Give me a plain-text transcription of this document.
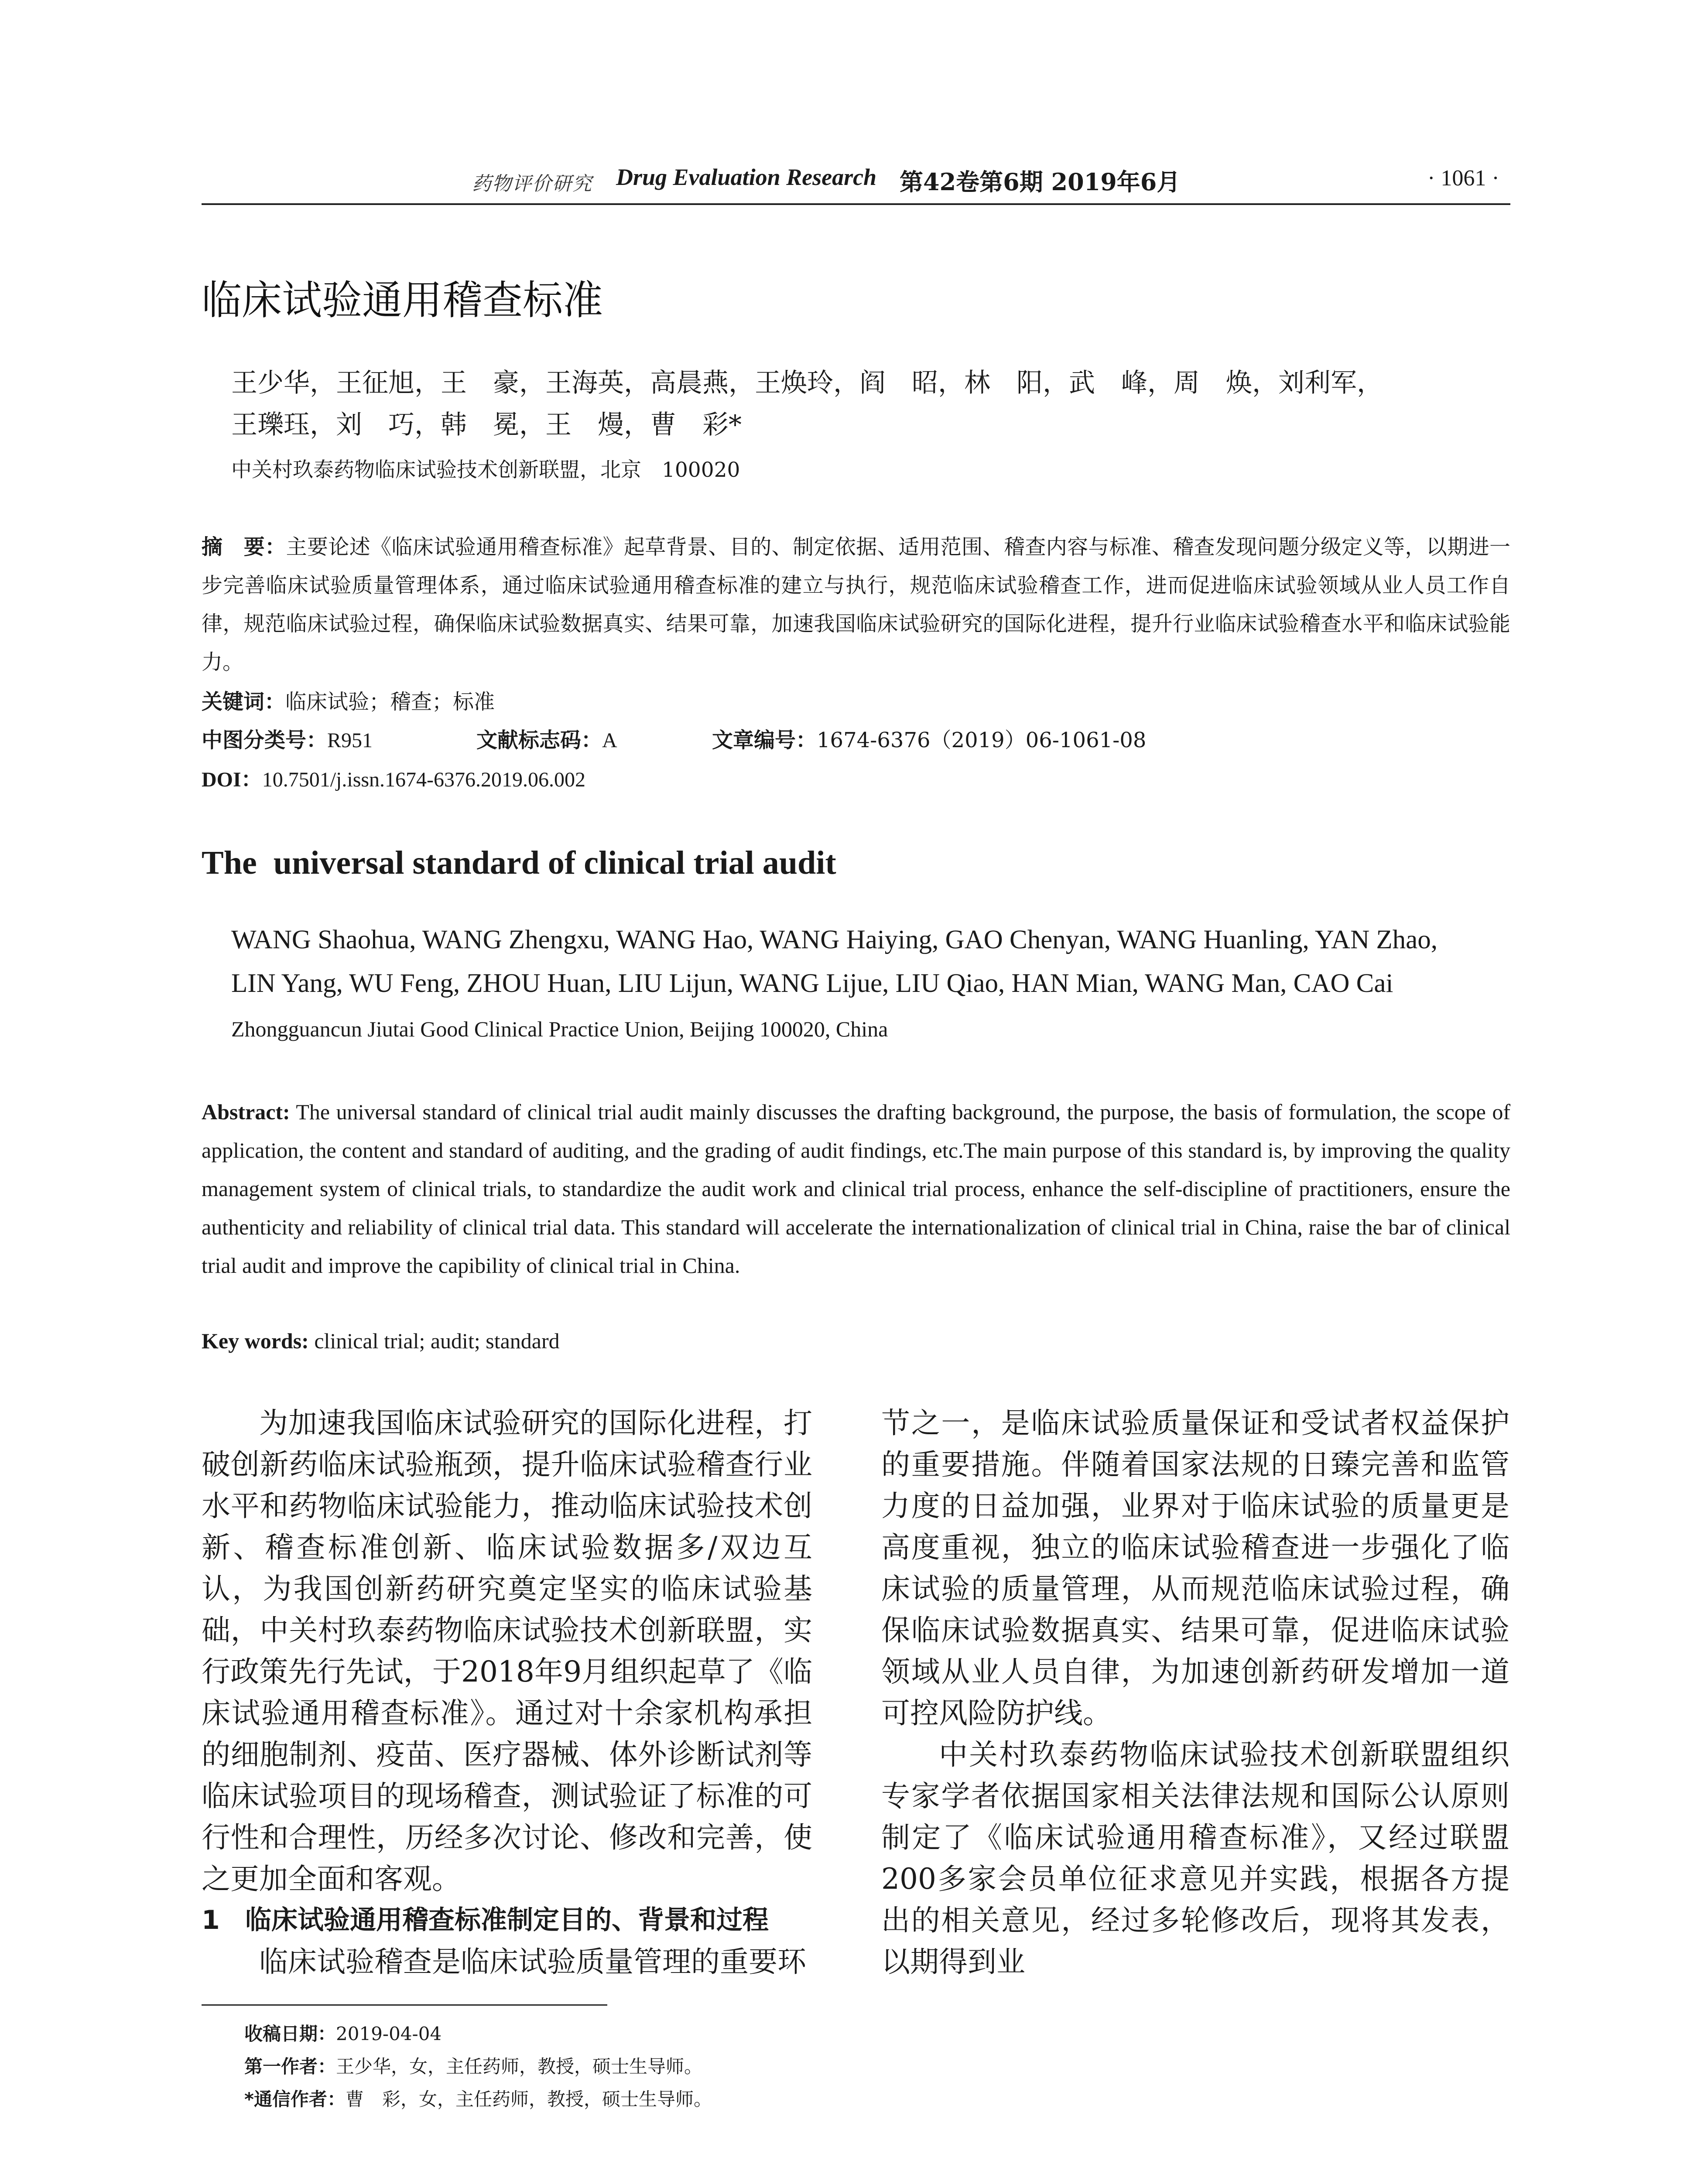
药物评价研究 Drug Evaluation Research 第42卷第6期 2019年6月	· 1061 ·
临床试验通用稽查标准
王少华，王征旭，王　豪，王海英，高晨燕，王焕玲，阎　昭，林　阳，武　峰，周　焕，刘利军，
王瓅珏，刘　巧，韩　冕，王　熳，曹　彩*
中关村玖泰药物临床试验技术创新联盟，北京　100020
摘　要：主要论述《临床试验通用稽查标准》起草背景、目的、制定依据、适用范围、稽查内容与标准、稽查发现问题分级定义等，以期进一步完善临床试验质量管理体系，通过临床试验通用稽查标准的建立与执行，规范临床试验稽查工作，进而促进临床试验领域从业人员工作自律，规范临床试验过程，确保临床试验数据真实、结果可靠，加速我国临床试验研究的国际化进程，提升行业临床试验稽查水平和临床试验能力。
关键词：临床试验；稽查；标准
中图分类号：R951	文献标志码：A	文章编号：1674-6376（2019）06-1061-08
DOI：10.7501/j.issn.1674-6376.2019.06.002
The  universal standard of clinical trial audit
WANG Shaohua, WANG Zhengxu, WANG Hao, WANG Haiying, GAO Chenyan, WANG Huanling, YAN Zhao,
LIN Yang, WU Feng, ZHOU Huan, LIU Lijun, WANG Lijue, LIU Qiao, HAN Mian, WANG Man, CAO Cai
Zhongguancun Jiutai Good Clinical Practice Union, Beijing 100020, China
Abstract: The universal standard of clinical trial audit mainly discusses the drafting background, the purpose, the basis of formulation, the scope of application, the content and standard of auditing, and the grading of audit findings, etc.The main purpose of this standard is, by improving the quality management system of clinical trials, to standardize the audit work and clinical trial process, enhance the self-discipline of practitioners, ensure the authenticity and reliability of clinical trial data. This standard will accelerate the internationalization of clinical trial in China, raise the bar of clinical trial audit and improve the capibility of clinical trial in China.
Key words: clinical trial; audit; standard

为加速我国临床试验研究的国际化进程，打破创新药临床试验瓶颈，提升临床试验稽查行业水平和药物临床试验能力，推动临床试验技术创新、稽查标准创新、临床试验数据多/双边互认，为我国创新药研究奠定坚实的临床试验基础，中关村玖泰药物临床试验技术创新联盟，实行政策先行先试，于2018年9月组织起草了《临床试验通用稽查标准》。通过对十余家机构承担的细胞制剂、疫苗、医疗器械、体外诊断试剂等临床试验项目的现场稽查，测试验证了标准的可行性和合理性，历经多次讨论、修改和完善，使之更加全面和客观。

1 临床试验通用稽查标准制定目的、背景和过程

临床试验稽查是临床试验质量管理的重要环

节之一，是临床试验质量保证和受试者权益保护的重要措施。伴随着国家法规的日臻完善和监管力度的日益加强，业界对于临床试验的质量更是高度重视，独立的临床试验稽查进一步强化了临床试验的质量管理，从而规范临床试验过程，确保临床试验数据真实、结果可靠，促进临床试验领域从业人员自律，为加速创新药研发增加一道可控风险防护线。

中关村玖泰药物临床试验技术创新联盟组织专家学者依据国家相关法律法规和国际公认原则制定了《临床试验通用稽查标准》，又经过联盟200多家会员单位征求意见并实践，根据各方提出的相关意见，经过多轮修改后，现将其发表，以期得到业

收稿日期：2019-04-04
第一作者：王少华，女，主任药师，教授，硕士生导师。
*通信作者：曹　彩，女，主任药师，教授，硕士生导师。
